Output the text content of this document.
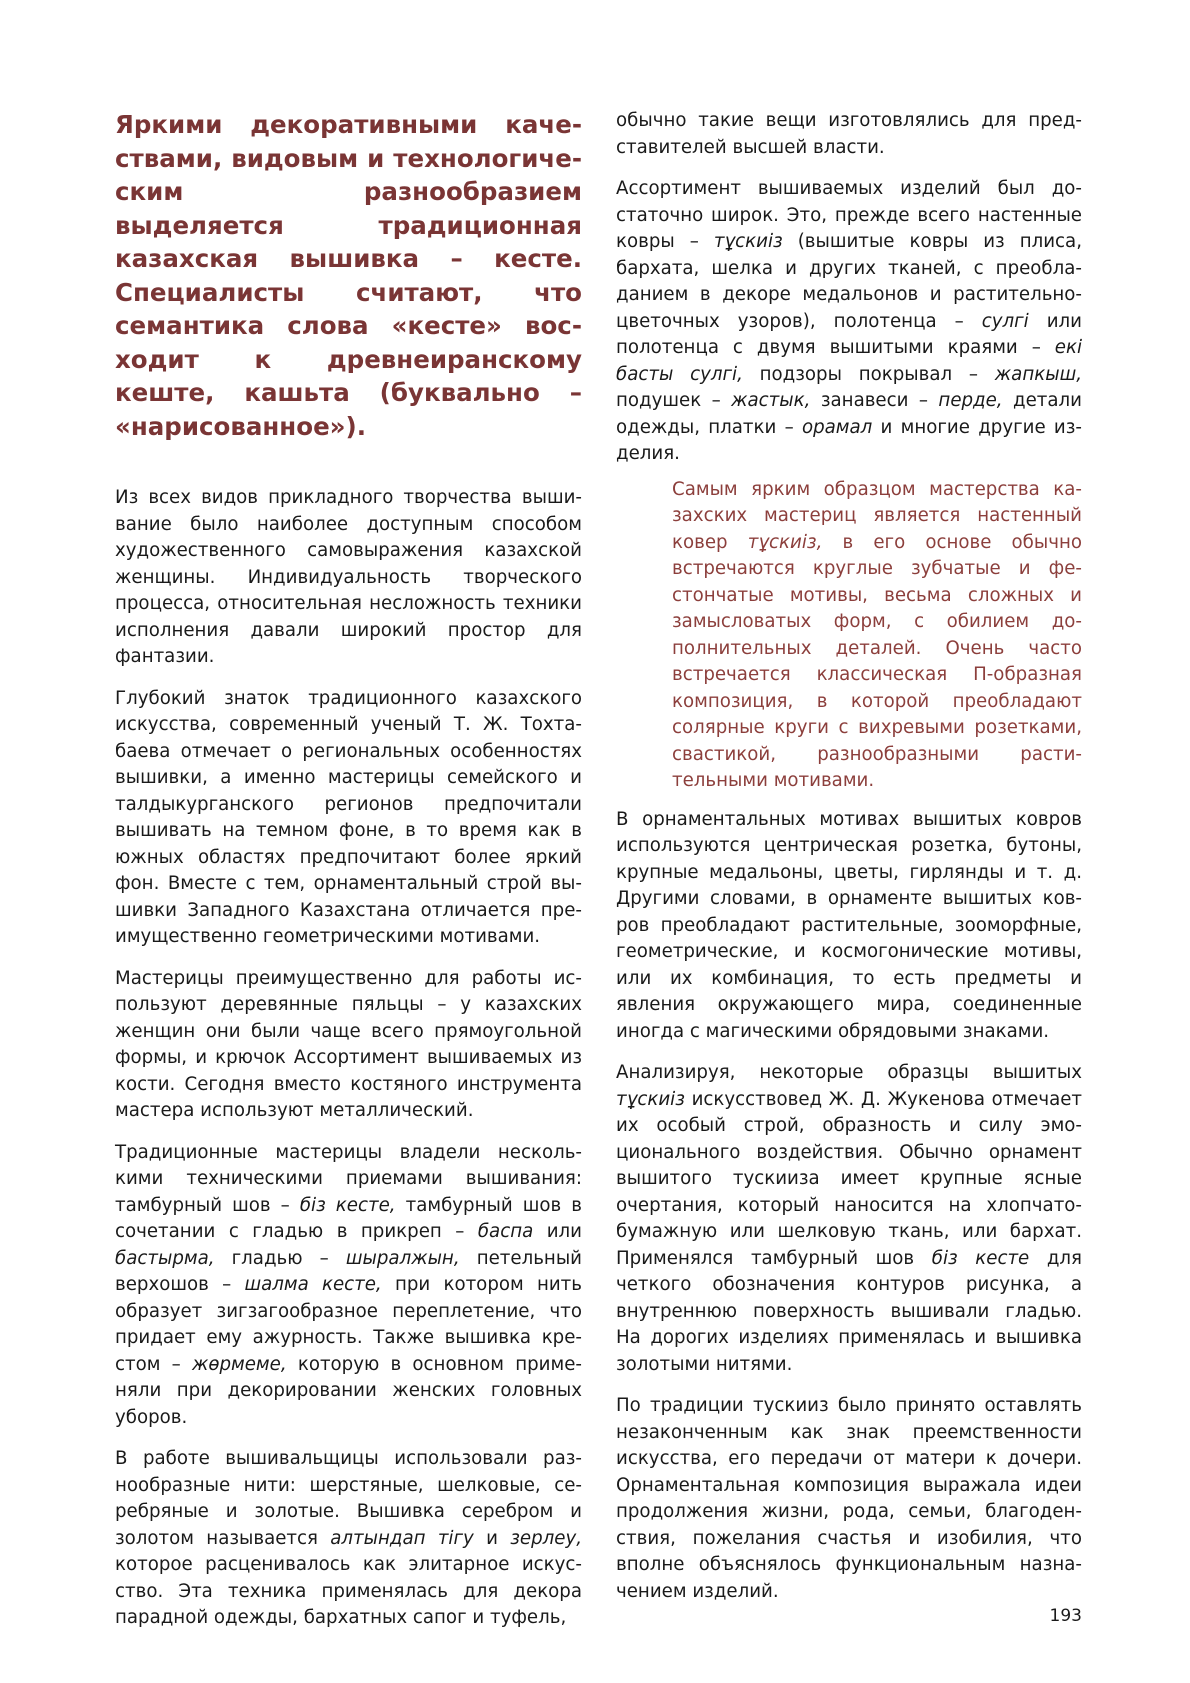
Яркими декоративными качествами, видовым и технологическим разнообразием выделяется традиционная казахская вышивка – кесте. Специалисты считают, что семантика слова «кесте» восходит к древнеиранскому кеште, кашьта (буквально – «нарисованное»).

Из всех видов прикладного творчества вышивание было наиболее доступным способом художественного самовыражения казахской женщины. Индивидуальность творческого процесса, относительная несложность техники исполнения давали широкий простор для фантазии.

Глубокий знаток традиционного казахского искусства, современный ученый Т. Ж. Тохтабаева отмечает о региональных особенностях вышивки, а именно мастерицы семейского и талдыкурганского регионов предпочитали вышивать на темном фоне, в то время как в южных областях предпочитают более яркий фон. Вместе с тем, орнаментальный строй вышивки Западного Казахстана отличается преимущественно геометрическими мотивами.

Мастерицы преимущественно для работы используют деревянные пяльцы – у казахских женщин они были чаще всего прямоугольной формы, и крючок Ассортимент вышиваемых из кости. Сегодня вместо костяного инструмента мастера используют металлический.

Традиционные мастерицы владели несколькими техническими приемами вышивания: тамбурный шов – біз кесте, тамбурный шов в сочетании с гладью в прикреп – баспа или бастырма, гладью – шыралжын, петельный верхошов – шалма кесте, при котором нить образует зигзагообразное переплетение, что придает ему ажурность. Также вышивка крестом – жөрмеме, которую в основном применяли при декорировании женских головных уборов.

В работе вышивальщицы использовали разнообразные нити: шерстяные, шелковые, серебряные и золотые. Вышивка серебром и золотом называется алтындап тігу и зерлеу, которое расценивалось как элитарное искусство. Эта техника применялась для декора парадной одежды, бархатных сапог и туфель,

обычно такие вещи изготовлялись для представителей высшей власти.

Ассортимент вышиваемых изделий был достаточно широк. Это, прежде всего настенные ковры – тұскиіз (вышитые ковры из плиса, бархата, шелка и других тканей, с преобладанием в декоре медальонов и растительно-цветочных узоров), полотенца – сулгі или полотенца с двумя вышитыми краями – екі басты сулгі, подзоры покрывал – жапкыш, подушек – жастык, занавеси – перде, детали одежды, платки – орамал и многие другие изделия.

Самым ярким образцом мастерства казахских мастериц является настенный ковер тұскиіз, в его основе обычно встречаются круглые зубчатые и фестончатые мотивы, весьма сложных и замысловатых форм, с обилием дополнительных деталей. Очень часто встречается классическая П-образная композиция, в которой преобладают солярные круги с вихревыми розетками, свастикой, разнообразными растительными мотивами.

В орнаментальных мотивах вышитых ковров используются центрическая розетка, бутоны, крупные медальоны, цветы, гирлянды и т. д. Другими словами, в орнаменте вышитых ковров преобладают растительные, зооморфные, геометрические, и космогонические мотивы, или их комбинация, то есть предметы и явления окружающего мира, соединенные иногда с магическими обрядовыми знаками.

Анализируя, некоторые образцы вышитых тұскиіз искусствовед Ж. Д. Жукенова отмечает их особый строй, образность и силу эмоционального воздействия. Обычно орнамент вышитого тускииза имеет крупные ясные очертания, который наносится на хлопчатобумажную или шелковую ткань, или бархат. Применялся тамбурный шов біз кесте для четкого обозначения контуров рисунка, а внутреннюю поверхность вышивали гладью. На дорогих изделиях применялась и вышивка золотыми нитями.

По традиции тускииз было принято оставлять незаконченным как знак преемственности искусства, его передачи от матери к дочери. Орнаментальная композиция выражала идеи продолжения жизни, рода, семьи, благоденствия, пожелания счастья и изобилия, что вполне объяснялось функциональным назначением изделий.

193
